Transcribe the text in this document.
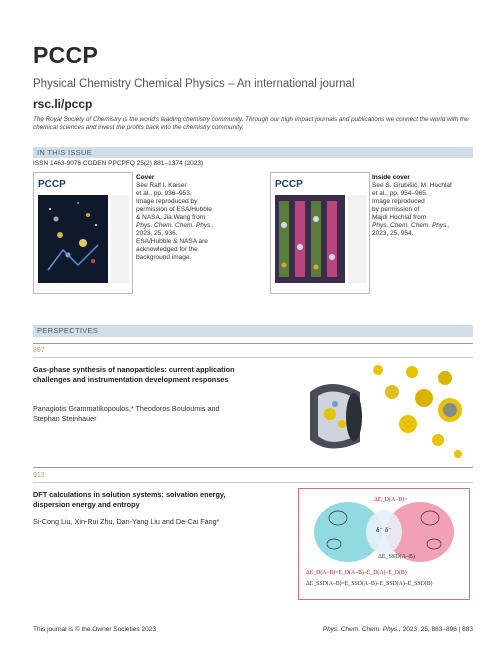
PCCP
Physical Chemistry Chemical Physics – An international journal
rsc.li/pccp
The Royal Society of Chemistry is the world's leading chemistry community. Through our high impact journals and publications we connect the world with the chemical sciences and invest the profits back into the chemistry community.
IN THIS ISSUE
ISSN 1463-9076 CODEN PPCPFQ 25(2) 881–1374 (2023)
PCCP
Cover
See Ralf I. Kaiser
et al., pp. 936–953.
Image reproduced by
permission of ESA/Hubble
& NASA, Jia Wang from
Phys. Chem. Chem. Phys.,
2023, 25, 936.
ESA/Hubble & NASA are
acknowledged for the
background image.
PCCP
Inside cover
See S. Grubišić, M. Hochlaf
et al., pp. 954–965.
Image reproduced
by permission of
Majdi Hochlaf from
Phys. Chem. Chem. Phys.,
2023, 25, 954.
PERSPECTIVES
897
Gas-phase synthesis of nanoparticles: current application challenges and instrumentation development responses
Panagiotis Grammatikopoulos,* Theodoros Bouloumis and Stephan Steinhauer
913
DFT calculations in solution systems: solvation energy, dispersion energy and entropy
Si-Cong Liu, Xin-Rui Zhu, Dan-Yang Liu and De-Cai Fang*
δ⁻ δ⁻
ΔE_D(A–B)=
ΔE_SSD(A–B)
ΔE_D(A–B)=E_D(A–B)–E_D(A)–E_D(B)
ΔE_SSD(A–B)=E_SSD(A–B)–E_SSD(A)–E_SSD(B)
This journal is © the Owner Societies 2023	Phys. Chem. Chem. Phys., 2023, 25, 883–896 | 883
